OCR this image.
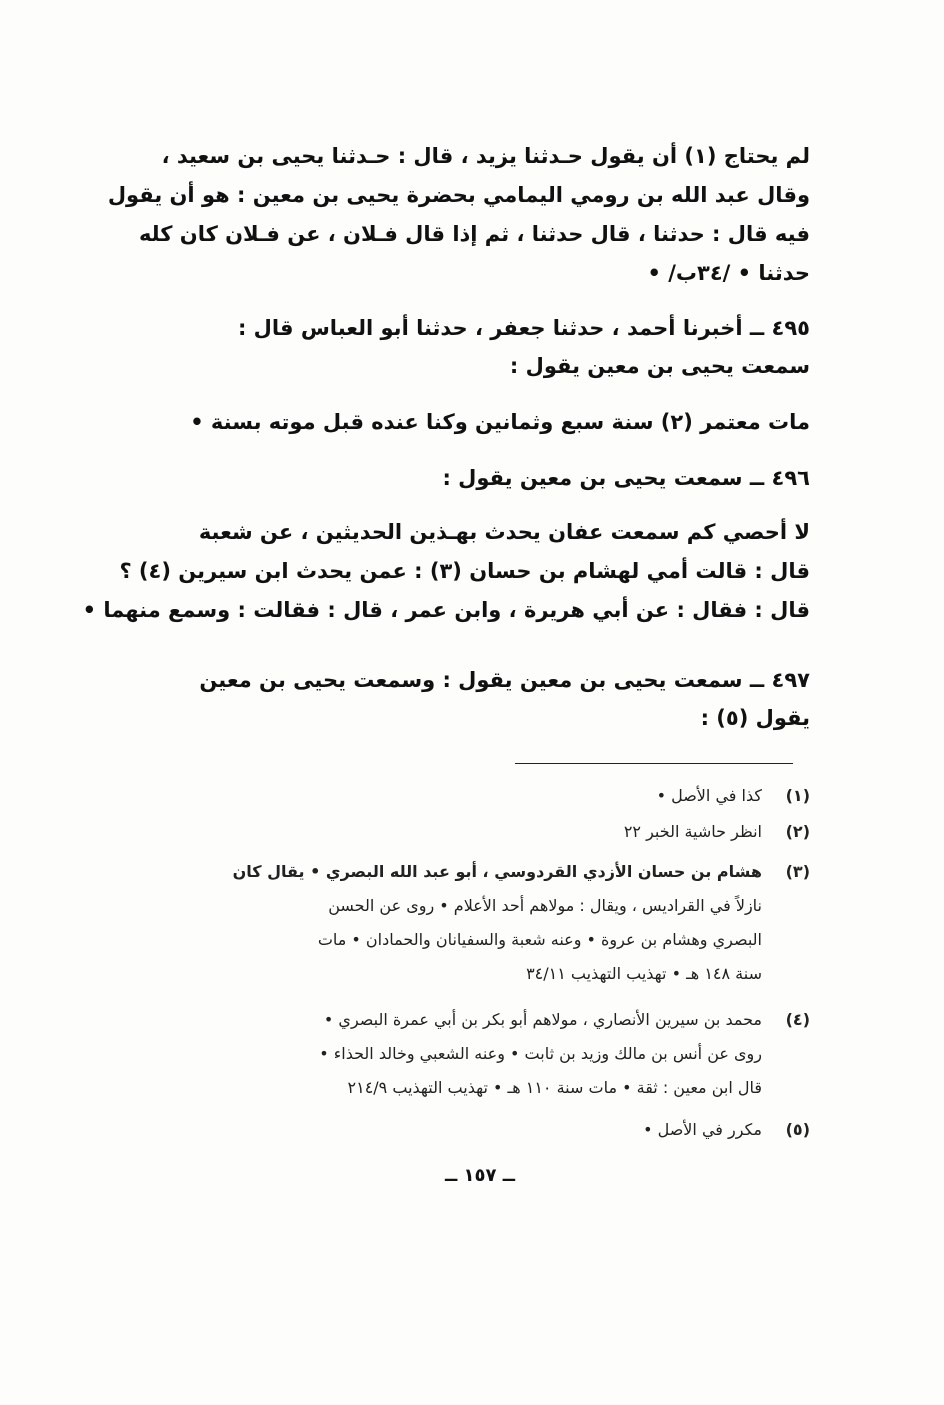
لم يحتاج (١) أن يقول حـدثنا يزيد ، قال : حـدثنا يحيى بن سعيد ،
وقال عبد الله بن رومي اليمامي بحضرة يحيى بن معين : هو أن يقول
فيه قال : حدثنا ، قال حدثنا ، ثم إذا قال فـلان ، عن فـلان كان كله
حدثنا • /٣٤ب/ •
٤٩٥ ــ أخبرنا أحمد ، حدثنا جعفر ، حدثنا أبو العباس قال :
سمعت يحيى بن معين يقول :
مات معتمر (٢) سنة سبع وثمانين وكنا عنده قبل موته بسنة •
٤٩٦ ــ سمعت يحيى بن معين يقول :
لا أحصي كم سمعت عفان يحدث بهـذين الحديثين ، عن شعبة
قال : قالت أمي لهشام بن حسان (٣) : عمن يحدث ابن سيرين (٤) ؟
قال : فقال : عن أبي هريرة ، وابن عمر ، قال : فقالت : وسمع منهما •
٤٩٧ ــ سمعت يحيى بن معين يقول : وسمعت يحيى بن معين
يقول (٥) :
(١)
كذا في الأصل •
(٢)
انظر حاشية الخبر ٢٢
(٣)
هشام بن حسان الأزدي القردوسي ، أبو عبد الله البصري • يقال كان
نازلاً في القراديس ، ويقال : مولاهم أحد الأعلام • روى عن الحسن
البصري وهشام بن عروة • وعنه شعبة والسفيانان والحمادان • مات
سنة ١٤٨ هـ • تهذيب التهذيب ٣٤/١١
(٤)
محمد بن سيرين الأنصاري ، مولاهم أبو بكر بن أبي عمرة البصري •
روى عن أنس بن مالك وزيد بن ثابت • وعنه الشعبي وخالد الحذاء •
قال ابن معين : ثقة • مات سنة ١١٠ هـ • تهذيب التهذيب ٢١٤/٩
(٥)
مكرر في الأصل •
ــ ١٥٧ ــ
